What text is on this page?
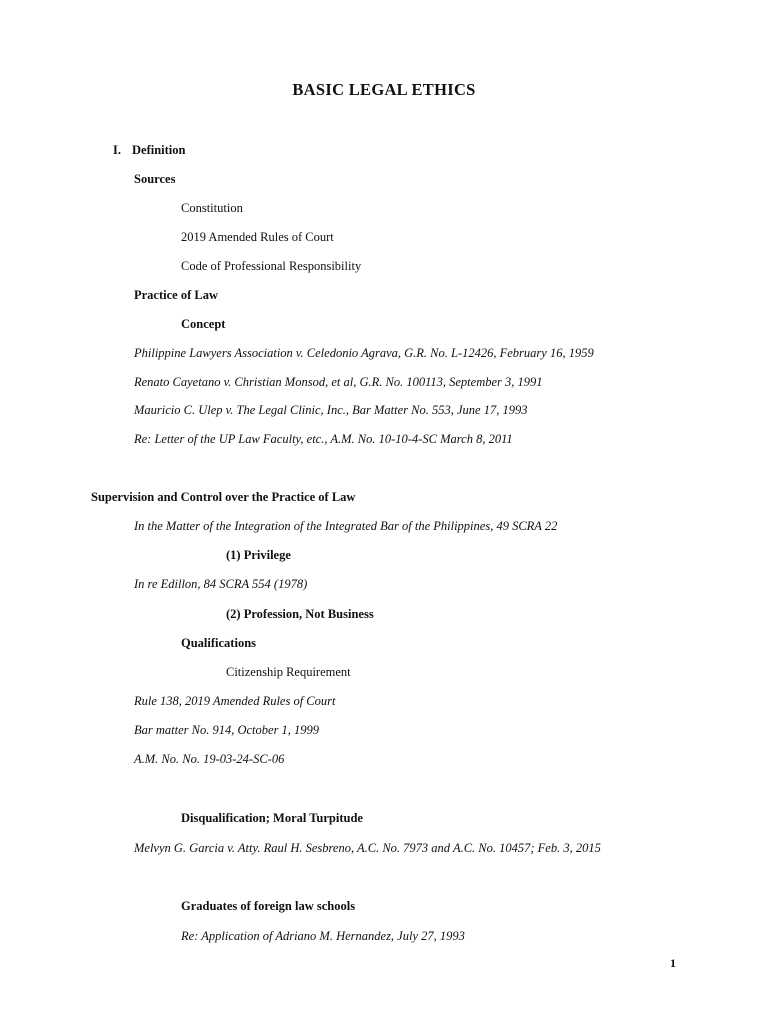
BASIC LEGAL ETHICS
I. Definition
Sources
Constitution
2019 Amended Rules of Court
Code of Professional Responsibility
Practice of Law
Concept
Philippine Lawyers Association v. Celedonio Agrava, G.R. No. L-12426, February 16, 1959
Renato Cayetano v. Christian Monsod, et al, G.R. No. 100113, September 3, 1991
Mauricio C. Ulep v. The Legal Clinic, Inc., Bar Matter No. 553, June 17, 1993
Re: Letter of the UP Law Faculty, etc., A.M. No. 10-10-4-SC March 8, 2011
Supervision and Control over the Practice of Law
In the Matter of the Integration of the Integrated Bar of the Philippines, 49 SCRA 22
(1) Privilege
In re Edillon, 84 SCRA 554 (1978)
(2) Profession, Not Business
Qualifications
Citizenship Requirement
Rule 138, 2019 Amended Rules of Court
Bar matter No. 914, October 1, 1999
A.M. No. No. 19-03-24-SC-06
Disqualification; Moral Turpitude
Melvyn G. Garcia v. Atty. Raul H. Sesbreno, A.C. No. 7973 and A.C. No. 10457; Feb. 3, 2015
Graduates of foreign law schools
Re: Application of Adriano M. Hernandez, July 27, 1993
1
